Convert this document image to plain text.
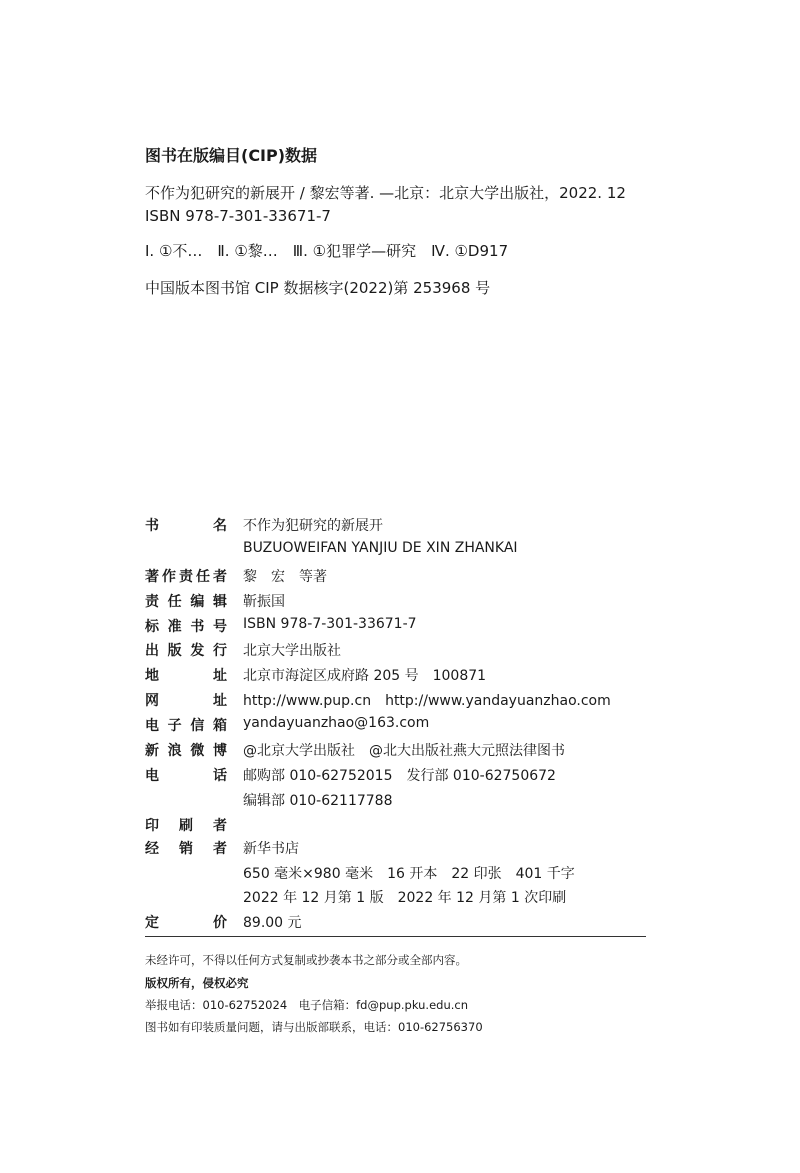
图书在版编目(CIP)数据
不作为犯研究的新展开 / 黎宏等著. —北京：北京大学出版社，2022. 12
ISBN 978-7-301-33671-7
Ⅰ. ①不…　Ⅱ. ①黎…　Ⅲ. ①犯罪学—研究　Ⅳ. ①D917
中国版本图书馆 CIP 数据核字(2022)第 253968 号
书	名 不作为犯研究的新展开
BUZUOWEIFAN YANJIU DE XIN ZHANKAI
著 作 责 任 者 黎　宏　等著
责 任 编 辑 靳振国
标 准 书 号 ISBN 978-7-301-33671-7
出 版 发 行 北京大学出版社
地	址 北京市海淀区成府路 205 号　100871
网	址 http://www.pup.cn　http://www.yandayuanzhao.com
电 子 信 箱 yandayuanzhao@163.com
新 浪 微 博 @北京大学出版社　@北大出版社燕大元照法律图书
电	话 邮购部 010-62752015　发行部 010-62750672
编辑部 010-62117788
印 刷 者
经 销 者 新华书店
650 毫米×980 毫米　16 开本　22 印张　401 千字
2022 年 12 月第 1 版　2022 年 12 月第 1 次印刷
定	价 89.00 元
未经许可，不得以任何方式复制或抄袭本书之部分或全部内容。
版权所有，侵权必究
举报电话：010-62752024　电子信箱：fd@pup.pku.edu.cn
图书如有印装质量问题，请与出版部联系，电话：010-62756370
